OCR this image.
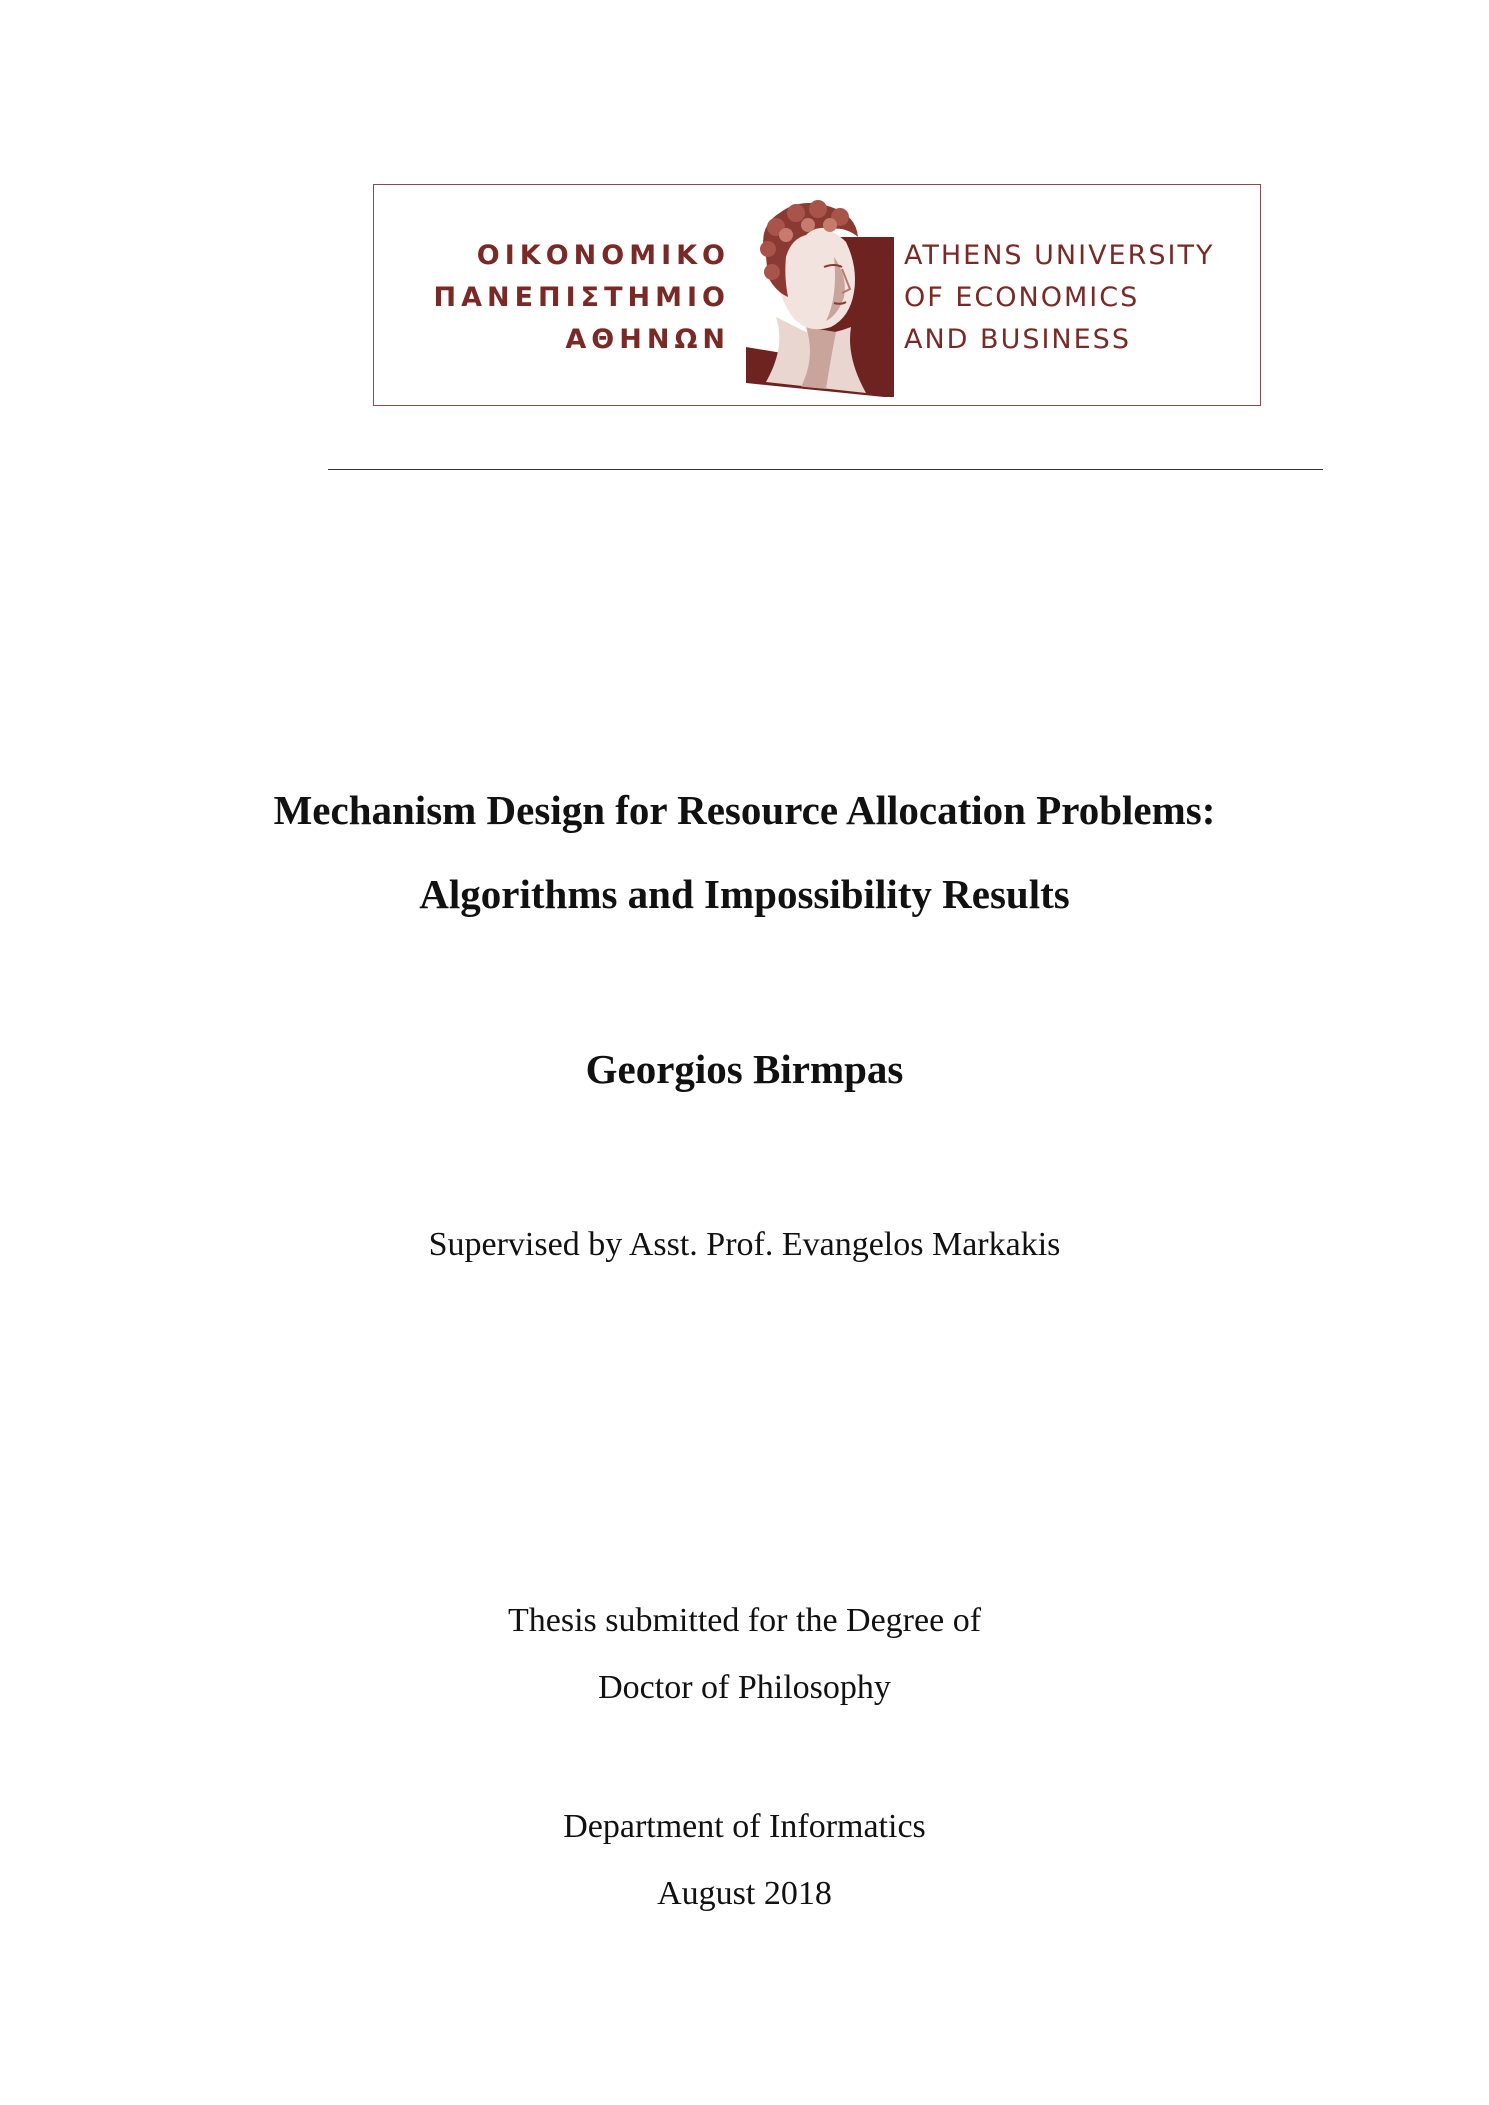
ΟΙΚΟΝΟΜΙΚΟ
ΠΑΝΕΠΙΣΤΗΜΙΟ
ΑΘΗΝΩΝ
ATHENS UNIVERSITY
OF ECONOMICS
AND BUSINESS
Mechanism Design for Resource Allocation Problems:
Algorithms and Impossibility Results
Georgios Birmpas
Supervised by Asst. Prof. Evangelos Markakis
Thesis submitted for the Degree of
Doctor of Philosophy
Department of Informatics
August 2018
